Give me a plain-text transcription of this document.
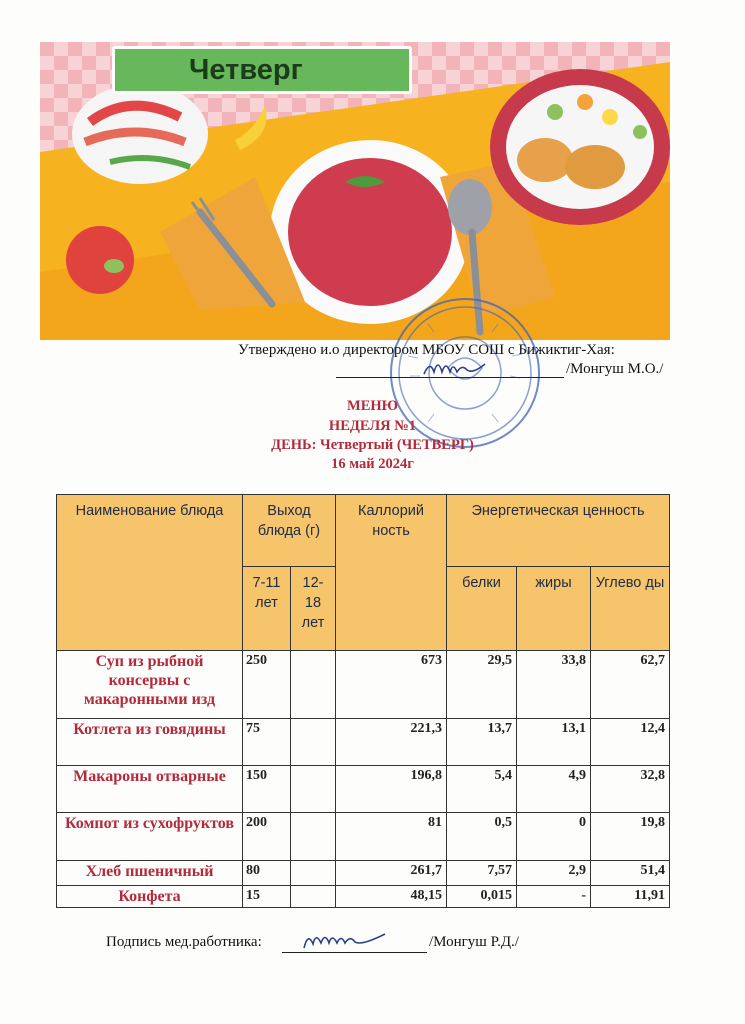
Четверг
Утверждено и.о директором МБОУ СОШ с Бижиктиг-Хая:
/Монгуш М.О./
МЕНЮ
НЕДЕЛЯ №1
ДЕНЬ: Четвертый (ЧЕТВЕРГ)
16 май 2024г
Наименование блюда	Выход блюда (г)		Каллорий ность	Энергетическая ценность		
	7-11 лет	12-18 лет		белки	жиры	Углево ды
Суп из рыбной консервы с макаронными изд	250		673	29,5	33,8	62,7
Котлета из говядины	75		221,3	13,7	13,1	12,4
Макароны отварные	150		196,8	5,4	4,9	32,8
Компот из сухофруктов	200		81	0,5	0	19,8
Хлеб пшеничный	80		261,7	7,57	2,9	51,4
Конфета	15		48,15	0,015	-	11,91
Подпись мед.работника:	/Монгуш Р.Д./
